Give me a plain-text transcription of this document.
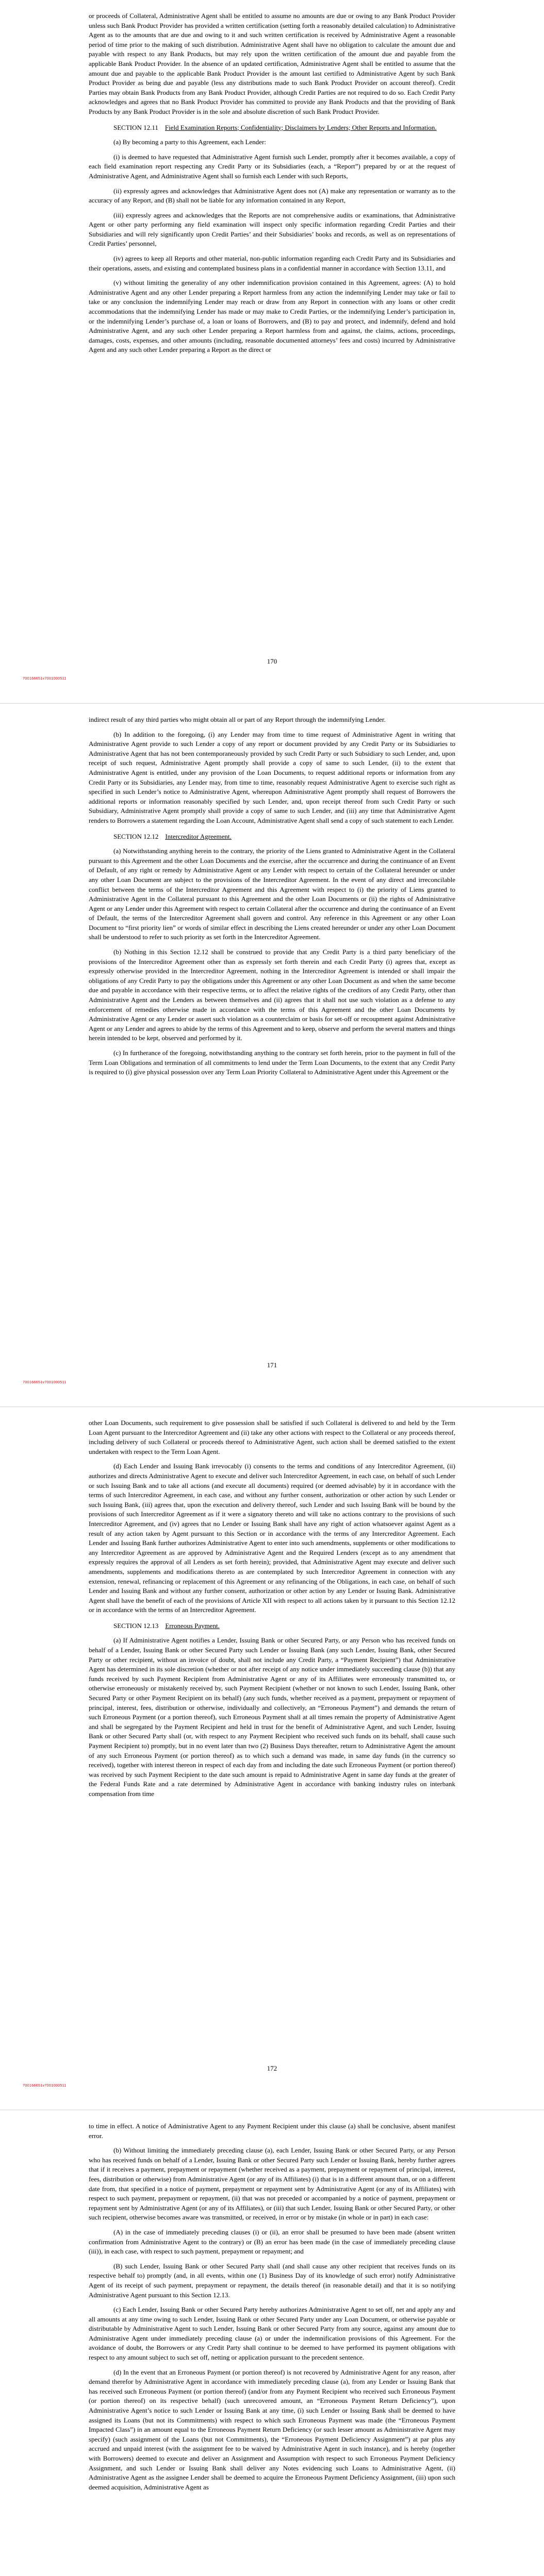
or proceeds of Collateral, Administrative Agent shall be entitled to assume no amounts are due or owing to any Bank Product Provider unless such Bank Product Provider has provided a written certification (setting forth a reasonably detailed calculation) to Administrative Agent as to the amounts that are due and owing to it and such written certification is received by Administrative Agent a reasonable period of time prior to the making of such distribution. Administrative Agent shall have no obligation to calculate the amount due and payable with respect to any Bank Products, but may rely upon the written certification of the amount due and payable from the applicable Bank Product Provider. In the absence of an updated certification, Administrative Agent shall be entitled to assume that the amount due and payable to the applicable Bank Product Provider is the amount last certified to Administrative Agent by such Bank Product Provider as being due and payable (less any distributions made to such Bank Product Provider on account thereof). Credit Parties may obtain Bank Products from any Bank Product Provider, although Credit Parties are not required to do so. Each Credit Party acknowledges and agrees that no Bank Product Provider has committed to provide any Bank Products and that the providing of Bank Products by any Bank Product Provider is in the sole and absolute discretion of such Bank Product Provider.

SECTION 12.11 Field Examination Reports; Confidentiality; Disclaimers by Lenders; Other Reports and Information.

(a) By becoming a party to this Agreement, each Lender:

(i) is deemed to have requested that Administrative Agent furnish such Lender, promptly after it becomes available, a copy of each field examination report respecting any Credit Party or its Subsidiaries (each, a “Report”) prepared by or at the request of Administrative Agent, and Administrative Agent shall so furnish each Lender with such Reports,

(ii) expressly agrees and acknowledges that Administrative Agent does not (A) make any representation or warranty as to the accuracy of any Report, and (B) shall not be liable for any information contained in any Report,

(iii) expressly agrees and acknowledges that the Reports are not comprehensive audits or examinations, that Administrative Agent or other party performing any field examination will inspect only specific information regarding Credit Parties and their Subsidiaries and will rely significantly upon Credit Parties’ and their Subsidiaries’ books and records, as well as on representations of Credit Parties’ personnel,

(iv) agrees to keep all Reports and other material, non-public information regarding each Credit Party and its Subsidiaries and their operations, assets, and existing and contemplated business plans in a confidential manner in accordance with Section 13.11, and

(v) without limiting the generality of any other indemnification provision contained in this Agreement, agrees: (A) to hold Administrative Agent and any other Lender preparing a Report harmless from any action the indemnifying Lender may take or fail to take or any conclusion the indemnifying Lender may reach or draw from any Report in connection with any loans or other credit accommodations that the indemnifying Lender has made or may make to Credit Parties, or the indemnifying Lender’s participation in, or the indemnifying Lender’s purchase of, a loan or loans of Borrowers, and (B) to pay and protect, and indemnify, defend and hold Administrative Agent, and any such other Lender preparing a Report harmless from and against, the claims, actions, proceedings, damages, costs, expenses, and other amounts (including, reasonable documented attorneys’ fees and costs) incurred by Administrative Agent and any such other Lender preparing a Report as the direct or

170
700166651v7001000511

indirect result of any third parties who might obtain all or part of any Report through the indemnifying Lender.

(b) In addition to the foregoing, (i) any Lender may from time to time request of Administrative Agent in writing that Administrative Agent provide to such Lender a copy of any report or document provided by any Credit Party or its Subsidiaries to Administrative Agent that has not been contemporaneously provided by such Credit Party or such Subsidiary to such Lender, and, upon receipt of such request, Administrative Agent promptly shall provide a copy of same to such Lender, (ii) to the extent that Administrative Agent is entitled, under any provision of the Loan Documents, to request additional reports or information from any Credit Party or its Subsidiaries, any Lender may, from time to time, reasonably request Administrative Agent to exercise such right as specified in such Lender’s notice to Administrative Agent, whereupon Administrative Agent promptly shall request of Borrowers the additional reports or information reasonably specified by such Lender, and, upon receipt thereof from such Credit Party or such Subsidiary, Administrative Agent promptly shall provide a copy of same to such Lender, and (iii) any time that Administrative Agent renders to Borrowers a statement regarding the Loan Account, Administrative Agent shall send a copy of such statement to each Lender.

SECTION 12.12 Intercreditor Agreement.

(a) Notwithstanding anything herein to the contrary, the priority of the Liens granted to Administrative Agent in the Collateral pursuant to this Agreement and the other Loan Documents and the exercise, after the occurrence and during the continuance of an Event of Default, of any right or remedy by Administrative Agent or any Lender with respect to certain of the Collateral hereunder or under any other Loan Document are subject to the provisions of the Intercreditor Agreement. In the event of any direct and irreconcilable conflict between the terms of the Intercreditor Agreement and this Agreement with respect to (i) the priority of Liens granted to Administrative Agent in the Collateral pursuant to this Agreement and the other Loan Documents or (ii) the rights of Administrative Agent or any Lender under this Agreement with respect to certain Collateral after the occurrence and during the continuance of an Event of Default, the terms of the Intercreditor Agreement shall govern and control. Any reference in this Agreement or any other Loan Document to “first priority lien” or words of similar effect in describing the Liens created hereunder or under any other Loan Document shall be understood to refer to such priority as set forth in the Intercreditor Agreement.

(b) Nothing in this Section 12.12 shall be construed to provide that any Credit Party is a third party beneficiary of the provisions of the Intercreditor Agreement other than as expressly set forth therein and each Credit Party (i) agrees that, except as expressly otherwise provided in the Intercreditor Agreement, nothing in the Intercreditor Agreement is intended or shall impair the obligations of any Credit Party to pay the obligations under this Agreement or any other Loan Document as and when the same become due and payable in accordance with their respective terms, or to affect the relative rights of the creditors of any Credit Party, other than Administrative Agent and the Lenders as between themselves and (ii) agrees that it shall not use such violation as a defense to any enforcement of remedies otherwise made in accordance with the terms of this Agreement and the other Loan Documents by Administrative Agent or any Lender or assert such violation as a counterclaim or basis for set-off or recoupment against Administrative Agent or any Lender and agrees to abide by the terms of this Agreement and to keep, observe and perform the several matters and things herein intended to be kept, observed and performed by it.

(c) In furtherance of the foregoing, notwithstanding anything to the contrary set forth herein, prior to the payment in full of the Term Loan Obligations and termination of all commitments to lend under the Term Loan Documents, to the extent that any Credit Party is required to (i) give physical possession over any Term Loan Priority Collateral to Administrative Agent under this Agreement or the

171
700166651v7001000511

other Loan Documents, such requirement to give possession shall be satisfied if such Collateral is delivered to and held by the Term Loan Agent pursuant to the Intercreditor Agreement and (ii) take any other actions with respect to the Collateral or any proceeds thereof, including delivery of such Collateral or proceeds thereof to Administrative Agent, such action shall be deemed satisfied to the extent undertaken with respect to the Term Loan Agent.

(d) Each Lender and Issuing Bank irrevocably (i) consents to the terms and conditions of any Intercreditor Agreement, (ii) authorizes and directs Administrative Agent to execute and deliver such Intercreditor Agreement, in each case, on behalf of such Lender or such Issuing Bank and to take all actions (and execute all documents) required (or deemed advisable) by it in accordance with the terms of such Intercreditor Agreement, in each case, and without any further consent, authorization or other action by such Lender or such Issuing Bank, (iii) agrees that, upon the execution and delivery thereof, such Lender and such Issuing Bank will be bound by the provisions of such Intercreditor Agreement as if it were a signatory thereto and will take no actions contrary to the provisions of such Intercreditor Agreement, and (iv) agrees that no Lender or Issuing Bank shall have any right of action whatsoever against Agent as a result of any action taken by Agent pursuant to this Section or in accordance with the terms of any Intercreditor Agreement. Each Lender and Issuing Bank further authorizes Administrative Agent to enter into such amendments, supplements or other modifications to any Intercreditor Agreement as are approved by Administrative Agent and the Required Lenders (except as to any amendment that expressly requires the approval of all Lenders as set forth herein); provided, that Administrative Agent may execute and deliver such amendments, supplements and modifications thereto as are contemplated by such Intercreditor Agreement in connection with any extension, renewal, refinancing or replacement of this Agreement or any refinancing of the Obligations, in each case, on behalf of such Lender and Issuing Bank and without any further consent, authorization or other action by any Lender or Issuing Bank. Administrative Agent shall have the benefit of each of the provisions of Article XII with respect to all actions taken by it pursuant to this Section 12.12 or in accordance with the terms of an Intercreditor Agreement.

SECTION 12.13 Erroneous Payment.

(a) If Administrative Agent notifies a Lender, Issuing Bank or other Secured Party, or any Person who has received funds on behalf of a Lender, Issuing Bank or other Secured Party such Lender or Issuing Bank (any such Lender, Issuing Bank, other Secured Party or other recipient, without an invoice of doubt, shall not include any Credit Party, a “Payment Recipient”) that Administrative Agent has determined in its sole discretion (whether or not after receipt of any notice under immediately succeeding clause (b)) that any funds received by such Payment Recipient from Administrative Agent or any of its Affiliates were erroneously transmitted to, or otherwise erroneously or mistakenly received by, such Payment Recipient (whether or not known to such Lender, Issuing Bank, other Secured Party or other Payment Recipient on its behalf) (any such funds, whether received as a payment, prepayment or repayment of principal, interest, fees, distribution or otherwise, individually and collectively, an “Erroneous Payment”) and demands the return of such Erroneous Payment (or a portion thereof), such Erroneous Payment shall at all times remain the property of Administrative Agent and shall be segregated by the Payment Recipient and held in trust for the benefit of Administrative Agent, and such Lender, Issuing Bank or other Secured Party shall (or, with respect to any Payment Recipient who received such funds on its behalf, shall cause such Payment Recipient to) promptly, but in no event later than two (2) Business Days thereafter, return to Administrative Agent the amount of any such Erroneous Payment (or portion thereof) as to which such a demand was made, in same day funds (in the currency so received), together with interest thereon in respect of each day from and including the date such Erroneous Payment (or portion thereof) was received by such Payment Recipient to the date such amount is repaid to Administrative Agent in same day funds at the greater of the Federal Funds Rate and a rate determined by Administrative Agent in accordance with banking industry rules on interbank compensation from time

172
700166651v7001000511

to time in effect. A notice of Administrative Agent to any Payment Recipient under this clause (a) shall be conclusive, absent manifest error.

(b) Without limiting the immediately preceding clause (a), each Lender, Issuing Bank or other Secured Party, or any Person who has received funds on behalf of a Lender, Issuing Bank or other Secured Party such Lender or Issuing Bank, hereby further agrees that if it receives a payment, prepayment or repayment (whether received as a payment, prepayment or repayment of principal, interest, fees, distribution or otherwise) from Administrative Agent (or any of its Affiliates) (i) that is in a different amount than, or on a different date from, that specified in a notice of payment, prepayment or repayment sent by Administrative Agent (or any of its Affiliates) with respect to such payment, prepayment or repayment, (ii) that was not preceded or accompanied by a notice of payment, prepayment or repayment sent by Administrative Agent (or any of its Affiliates), or (iii) that such Lender, Issuing Bank or other Secured Party, or other such recipient, otherwise becomes aware was transmitted, or received, in error or by mistake (in whole or in part) in each case:

(A) in the case of immediately preceding clauses (i) or (ii), an error shall be presumed to have been made (absent written confirmation from Administrative Agent to the contrary) or (B) an error has been made (in the case of immediately preceding clause (iii)), in each case, with respect to such payment, prepayment or repayment; and

(B) such Lender, Issuing Bank or other Secured Party shall (and shall cause any other recipient that receives funds on its respective behalf to) promptly (and, in all events, within one (1) Business Day of its knowledge of such error) notify Administrative Agent of its receipt of such payment, prepayment or repayment, the details thereof (in reasonable detail) and that it is so notifying Administrative Agent pursuant to this Section 12.13.

(c) Each Lender, Issuing Bank or other Secured Party hereby authorizes Administrative Agent to set off, net and apply any and all amounts at any time owing to such Lender, Issuing Bank or other Secured Party under any Loan Document, or otherwise payable or distributable by Administrative Agent to such Lender, Issuing Bank or other Secured Party from any source, against any amount due to Administrative Agent under immediately preceding clause (a) or under the indemnification provisions of this Agreement. For the avoidance of doubt, the Borrowers or any Credit Party shall continue to be deemed to have performed its payment obligations with respect to any amount subject to such set off, netting or application pursuant to the precedent sentence.

(d) In the event that an Erroneous Payment (or portion thereof) is not recovered by Administrative Agent for any reason, after demand therefor by Administrative Agent in accordance with immediately preceding clause (a), from any Lender or Issuing Bank that has received such Erroneous Payment (or portion thereof) (and/or from any Payment Recipient who received such Erroneous Payment (or portion thereof) on its respective behalf) (such unrecovered amount, an “Erroneous Payment Return Deficiency”), upon Administrative Agent’s notice to such Lender or Issuing Bank at any time, (i) such Lender or Issuing Bank shall be deemed to have assigned its Loans (but not its Commitments) with respect to which such Erroneous Payment was made (the “Erroneous Payment Impacted Class”) in an amount equal to the Erroneous Payment Return Deficiency (or such lesser amount as Administrative Agent may specify) (such assignment of the Loans (but not Commitments), the “Erroneous Payment Deficiency Assignment”) at par plus any accrued and unpaid interest (with the assignment fee to be waived by Administrative Agent in such instance), and is hereby (together with Borrowers) deemed to execute and deliver an Assignment and Assumption with respect to such Erroneous Payment Deficiency Assignment, and such Lender or Issuing Bank shall deliver any Notes evidencing such Loans to Administrative Agent, (ii) Administrative Agent as the assignee Lender shall be deemed to acquire the Erroneous Payment Deficiency Assignment, (iii) upon such deemed acquisition, Administrative Agent as
